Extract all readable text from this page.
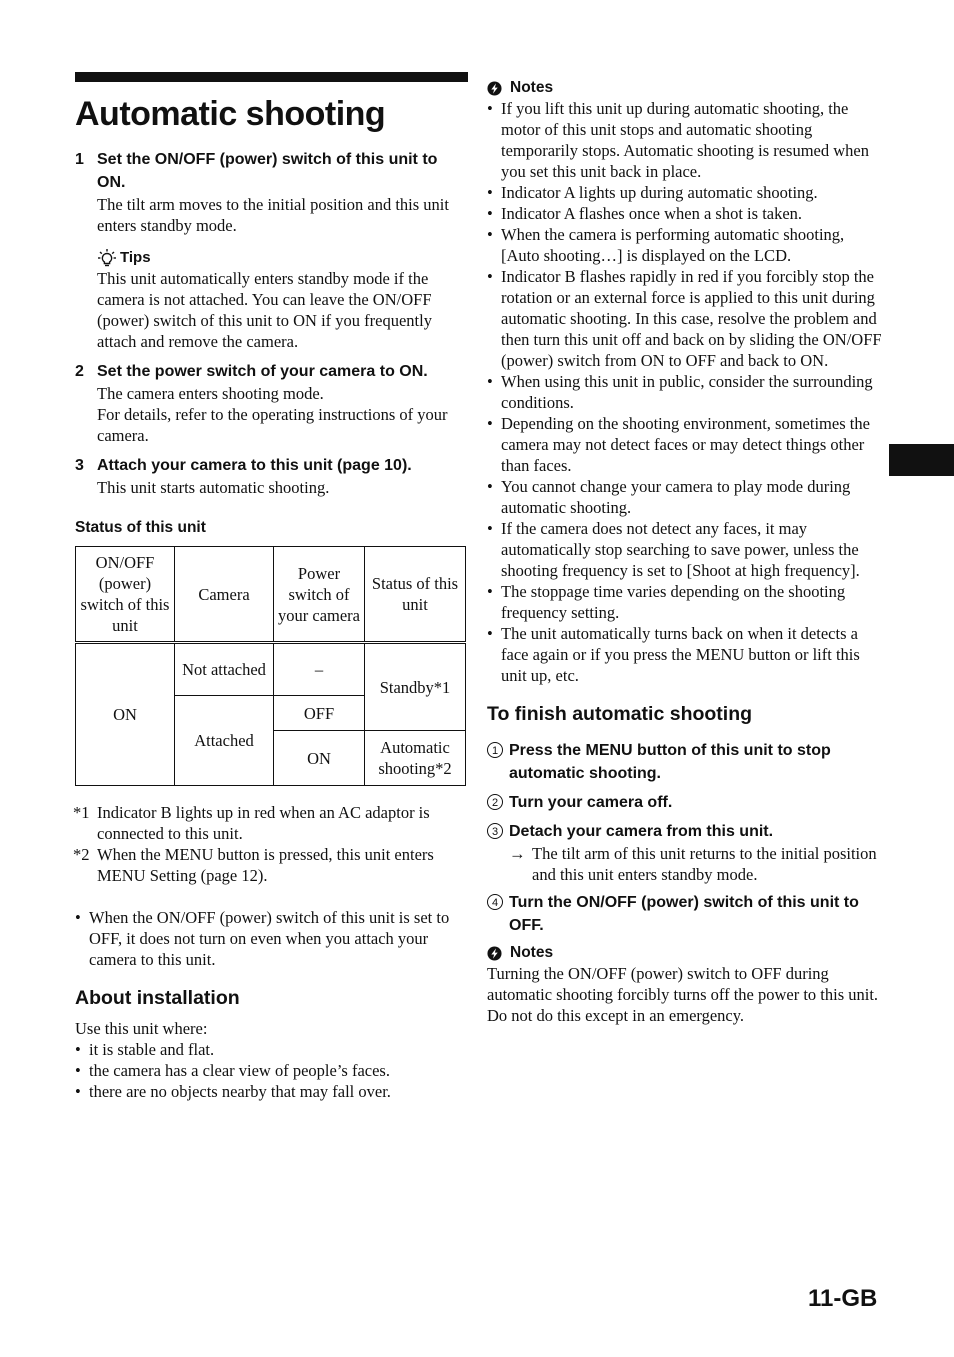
Automatic shooting
1 Set the ON/OFF (power) switch of this unit to ON.
The tilt arm moves to the initial position and this unit enters standby mode.
Tips
This unit automatically enters standby mode if the camera is not attached. You can leave the ON/OFF (power) switch of this unit to ON if you frequently attach and remove the camera.
2 Set the power switch of your camera to ON.
The camera enters shooting mode.
For details, refer to the operating instructions of your camera.
3 Attach your camera to this unit (page 10).
This unit starts automatic shooting.
Status of this unit
ON/OFF (power) switch of this unit	Camera	Power switch of your camera	Status of this unit
ON	Not attached	–	Standby*1
	Attached	OFF	
		ON	Automatic shooting*2
*1 Indicator B lights up in red when an AC adaptor is connected to this unit.
*2 When the MENU button is pressed, this unit enters MENU Setting (page 12).
• When the ON/OFF (power) switch of this unit is set to OFF, it does not turn on even when you attach your camera to this unit.
About installation
Use this unit where:
• it is stable and flat.
• the camera has a clear view of people’s faces.
• there are no objects nearby that may fall over.
Notes
• If you lift this unit up during automatic shooting, the motor of this unit stops and automatic shooting temporarily stops. Automatic shooting is resumed when you set this unit back in place.
• Indicator A lights up during automatic shooting.
• Indicator A flashes once when a shot is taken.
• When the camera is performing automatic shooting, [Auto shooting…] is displayed on the LCD.
• Indicator B flashes rapidly in red if you forcibly stop the rotation or an external force is applied to this unit during automatic shooting. In this case, resolve the problem and then turn this unit off and back on by sliding the ON/OFF (power) switch from ON to OFF and back to ON.
• When using this unit in public, consider the surrounding conditions.
• Depending on the shooting environment, sometimes the camera may not detect faces or may detect things other than faces.
• You cannot change your camera to play mode during automatic shooting.
• If the camera does not detect any faces, it may automatically stop searching to save power, unless the shooting frequency is set to [Shoot at high frequency].
• The stoppage time varies depending on the shooting frequency setting.
• The unit automatically turns back on when it detects a face again or if you press the MENU button or lift this unit up, etc.
To finish automatic shooting
1 Press the MENU button of this unit to stop automatic shooting.
2 Turn your camera off.
3 Detach your camera from this unit.
→ The tilt arm of this unit returns to the initial position and this unit enters standby mode.
4 Turn the ON/OFF (power) switch of this unit to OFF.
Notes
Turning the ON/OFF (power) switch to OFF during automatic shooting forcibly turns off the power to this unit. Do not do this except in an emergency.
11-GB
